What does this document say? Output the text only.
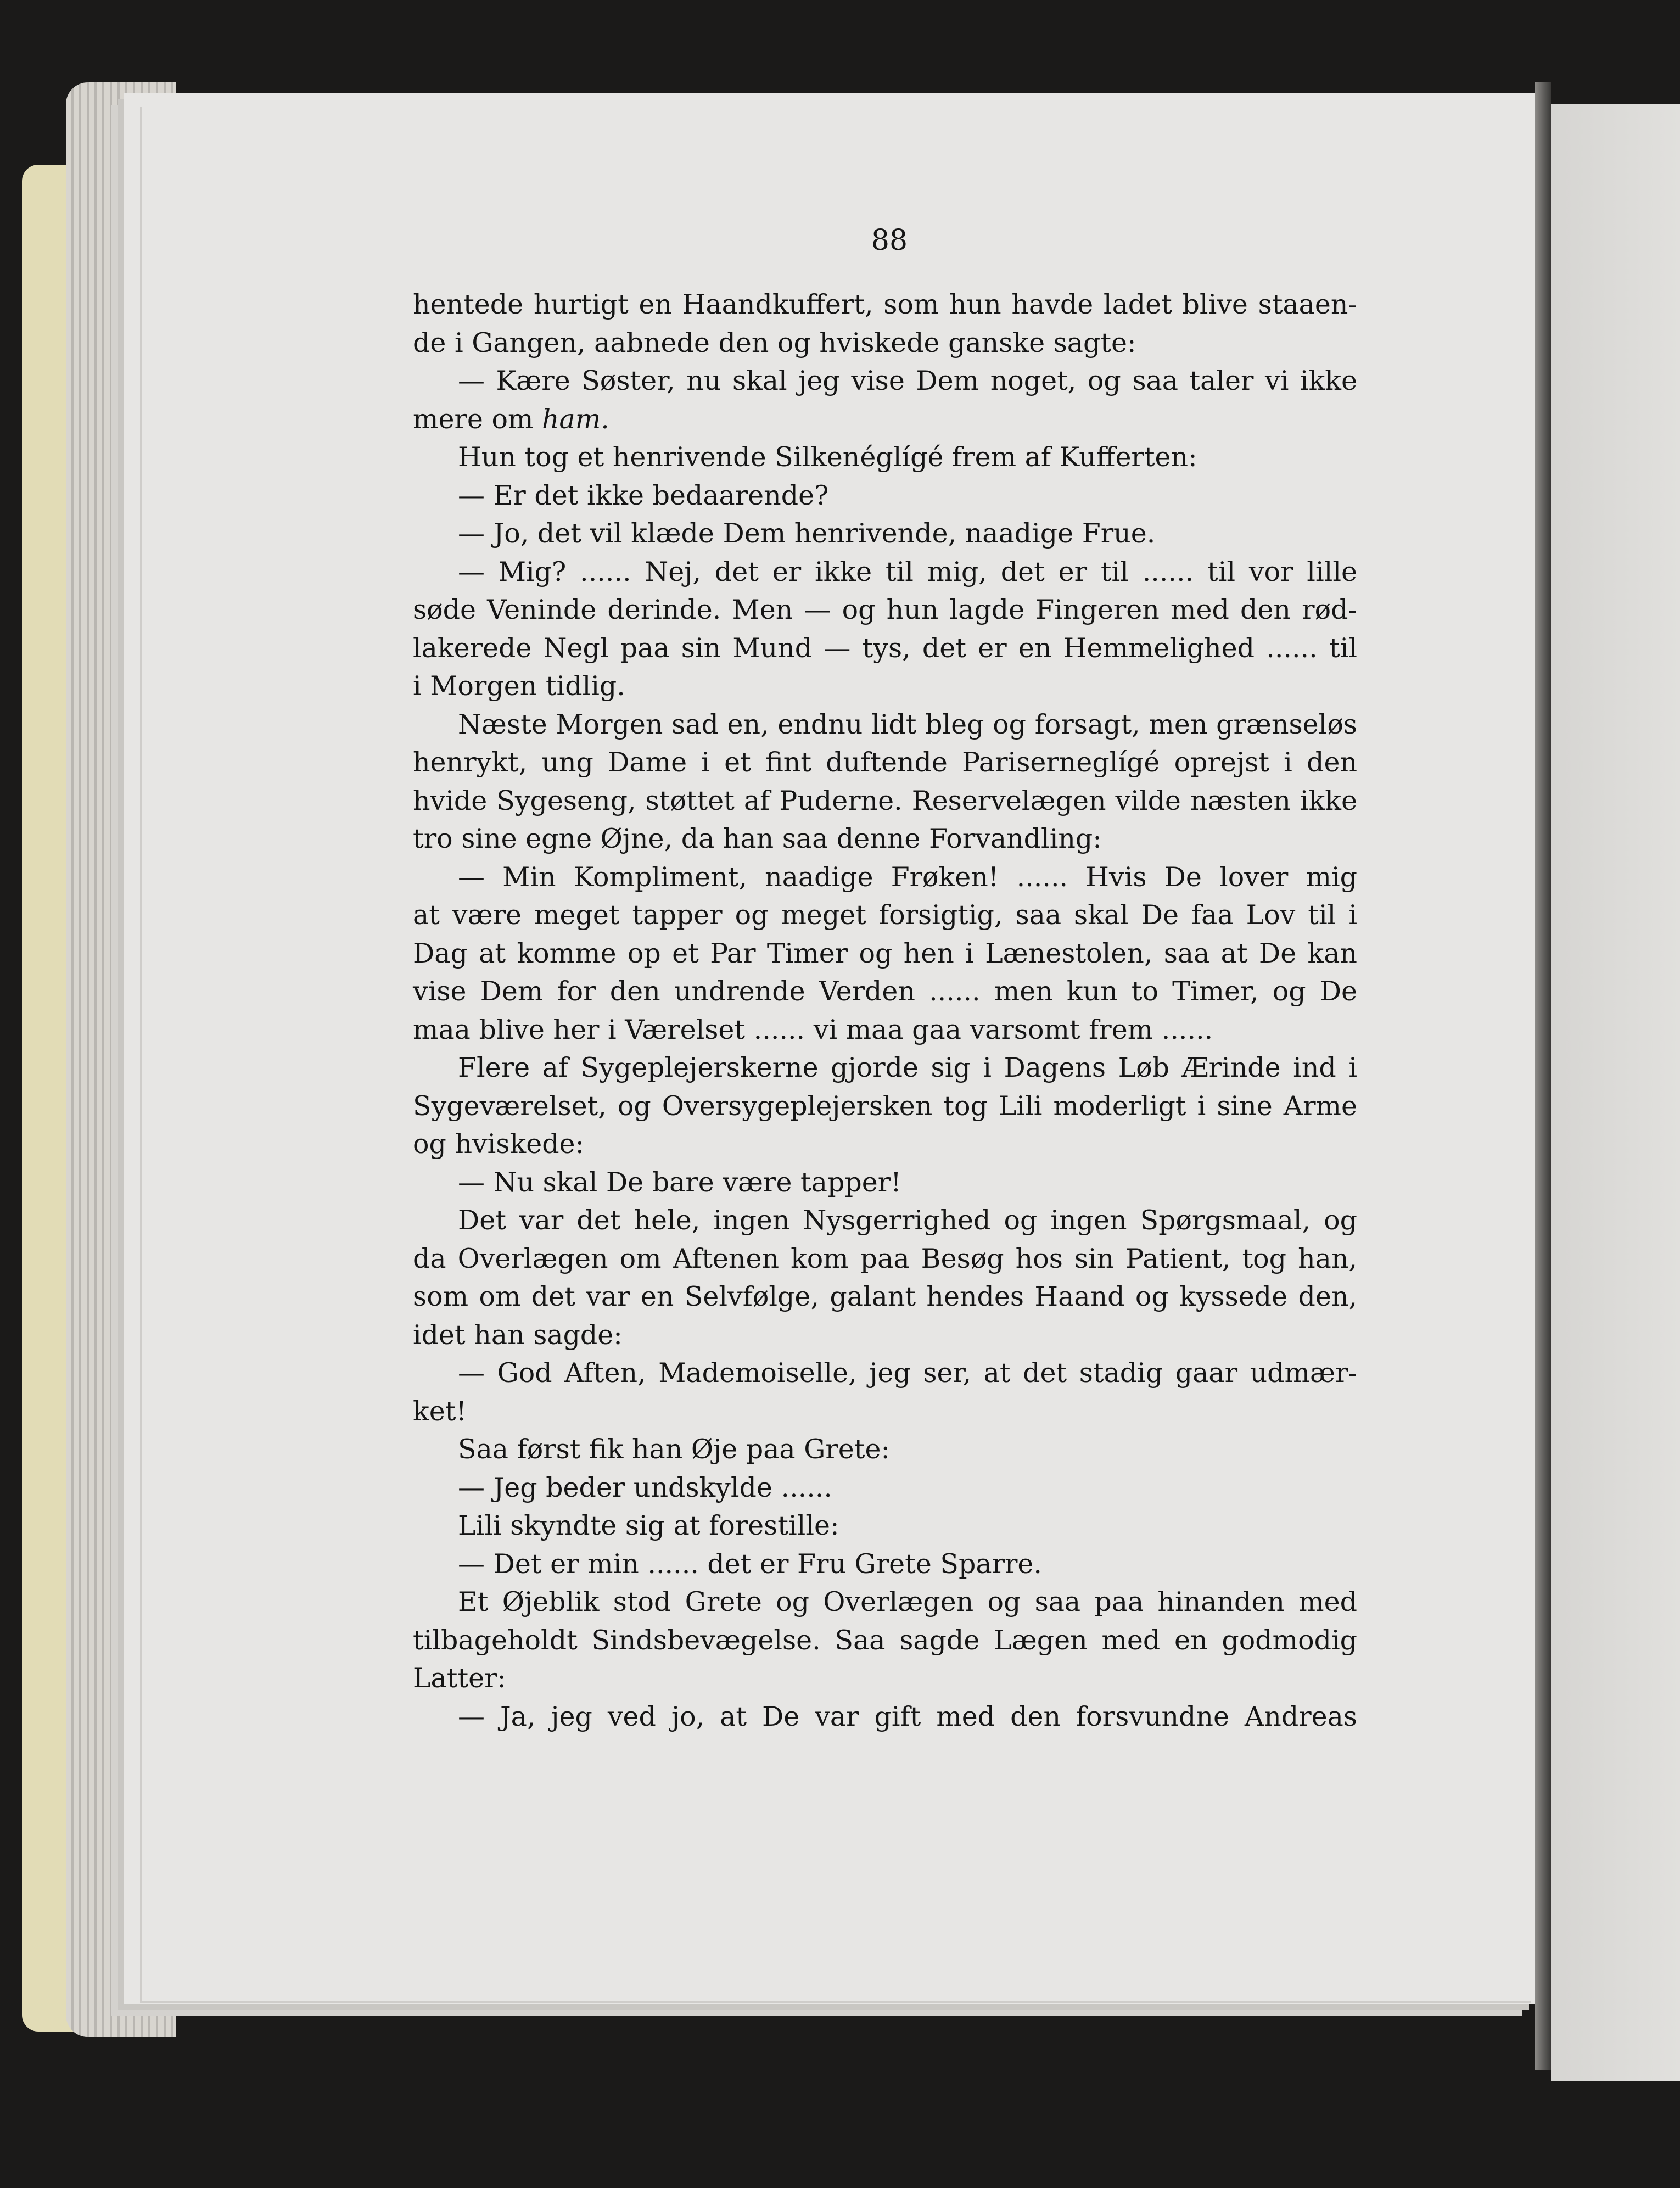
88
hentede hurtigt en Haandkuffert, som hun havde ladet blive staaen-
de i Gangen, aabnede den og hviskede ganske sagte:
— Kære Søster, nu skal jeg vise Dem noget, og saa taler vi ikke
mere om ham.
Hun tog et henrivende Silkenéglígé frem af Kufferten:
— Er det ikke bedaarende?
— Jo, det vil klæde Dem henrivende, naadige Frue.
— Mig? ...... Nej, det er ikke til mig, det er til ...... til vor lille
søde Veninde derinde. Men — og hun lagde Fingeren med den rød-
lakerede Negl paa sin Mund — tys, det er en Hemmelighed ...... til
i Morgen tidlig.
Næste Morgen sad en, endnu lidt bleg og forsagt, men grænseløs
henrykt, ung Dame i et fint duftende Pariserneglígé oprejst i den
hvide Sygeseng, støttet af Puderne. Reservelægen vilde næsten ikke
tro sine egne Øjne, da han saa denne Forvandling:
— Min Kompliment, naadige Frøken! ...... Hvis De lover mig
at være meget tapper og meget forsigtig, saa skal De faa Lov til i
Dag at komme op et Par Timer og hen i Lænestolen, saa at De kan
vise Dem for den undrende Verden ...... men kun to Timer, og De
maa blive her i Værelset ...... vi maa gaa varsomt frem ......
Flere af Sygeplejerskerne gjorde sig i Dagens Løb Ærinde ind i
Sygeværelset, og Oversygeplejersken tog Lili moderligt i sine Arme
og hviskede:
— Nu skal De bare være tapper!
Det var det hele, ingen Nysgerrighed og ingen Spørgsmaal, og
da Overlægen om Aftenen kom paa Besøg hos sin Patient, tog han,
som om det var en Selvfølge, galant hendes Haand og kyssede den,
idet han sagde:
— God Aften, Mademoiselle, jeg ser, at det stadig gaar udmær-
ket!
Saa først fik han Øje paa Grete:
— Jeg beder undskylde ......
Lili skyndte sig at forestille:
— Det er min ...... det er Fru Grete Sparre.
Et Øjeblik stod Grete og Overlægen og saa paa hinanden med
tilbageholdt Sindsbevægelse. Saa sagde Lægen med en godmodig
Latter:
— Ja, jeg ved jo, at De var gift med den forsvundne Andreas
